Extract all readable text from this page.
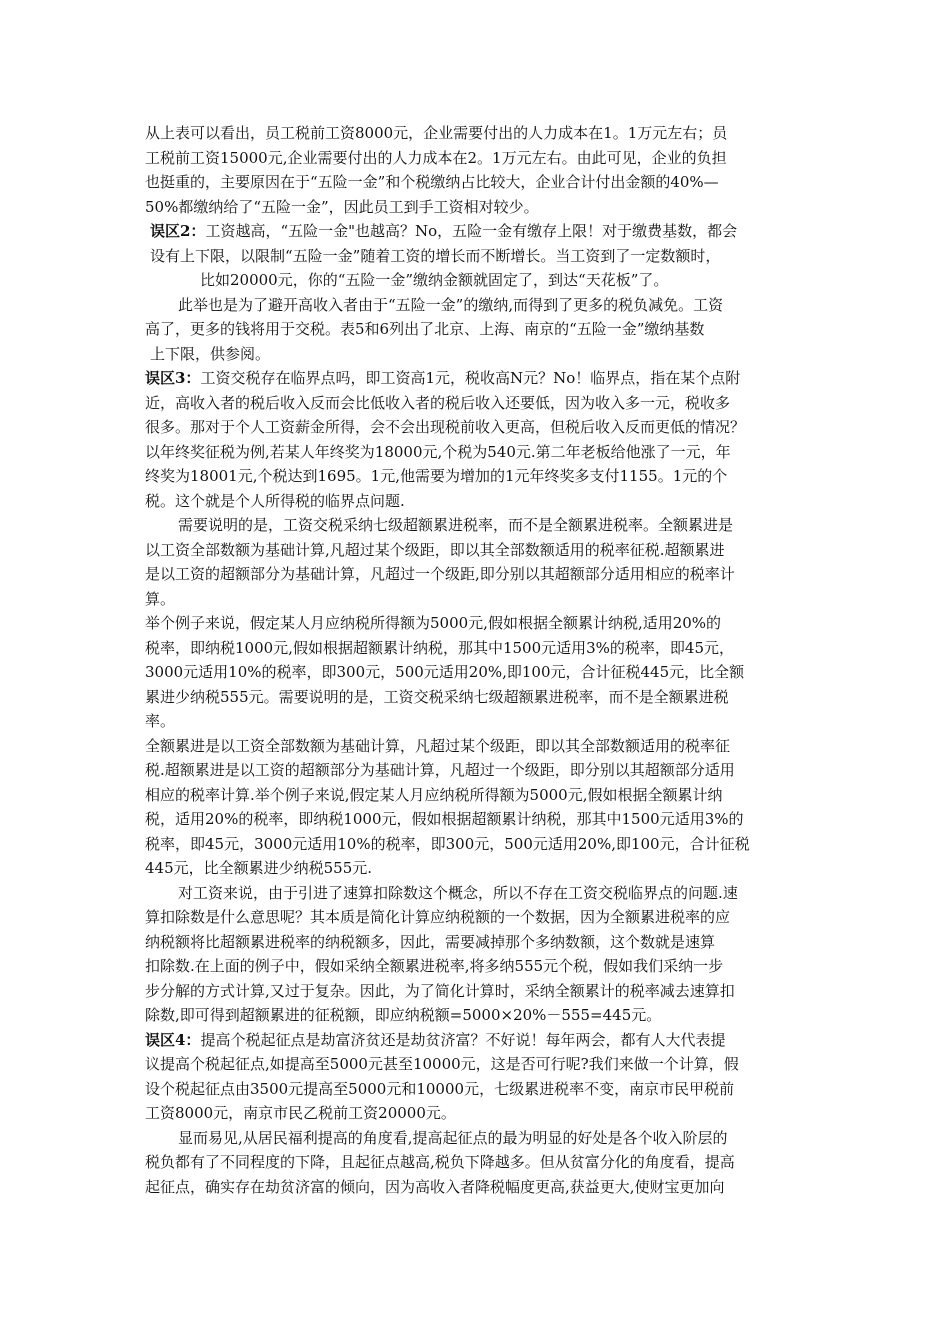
从上表可以看出，员工税前工资8000元，企业需要付出的人力成本在1。1万元左右；员
工税前工资15000元,企业需要付出的人力成本在2。1万元左右。由此可见，企业的负担
也挺重的，主要原因在于“五险一金”和个税缴纳占比较大，企业合计付出金额的40%—
50%都缴纳给了“五险一金”，因此员工到手工资相对较少。
误区2：工资越高，“五险一金"也越高？No，五险一金有缴存上限！对于缴费基数，都会
设有上下限，以限制“五险一金”随着工资的增长而不断增长。当工资到了一定数额时，
比如20000元，你的“五险一金”缴纳金额就固定了，到达“天花板”了。
此举也是为了避开高收入者由于“五险一金”的缴纳,而得到了更多的税负减免。工资
高了，更多的钱将用于交税。表5和6列出了北京、上海、南京的“五险一金”缴纳基数
上下限，供参阅。
误区3：工资交税存在临界点吗，即工资高1元，税收高N元？No！临界点，指在某个点附
近，高收入者的税后收入反而会比低收入者的税后收入还要低，因为收入多一元，税收多
很多。那对于个人工资薪金所得，会不会出现税前收入更高，但税后收入反而更低的情况？
以年终奖征税为例,若某人年终奖为18000元,个税为540元.第二年老板给他涨了一元，年
终奖为18001元,个税达到1695。1元,他需要为增加的1元年终奖多支付1155。1元的个
税。这个就是个人所得税的临界点问题.
需要说明的是，工资交税采纳七级超额累进税率，而不是全额累进税率。全额累进是
以工资全部数额为基础计算,凡超过某个级距，即以其全部数额适用的税率征税.超额累进
是以工资的超额部分为基础计算，凡超过一个级距,即分别以其超额部分适用相应的税率计
算。
举个例子来说，假定某人月应纳税所得额为5000元,假如根据全额累计纳税,适用20%的
税率，即纳税1000元,假如根据超额累计纳税，那其中1500元适用3%的税率，即45元，
3000元适用10%的税率，即300元，500元适用20%,即100元，合计征税445元，比全额
累进少纳税555元。需要说明的是，工资交税采纳七级超额累进税率，而不是全额累进税
率。
全额累进是以工资全部数额为基础计算，凡超过某个级距，即以其全部数额适用的税率征
税.超额累进是以工资的超额部分为基础计算，凡超过一个级距，即分别以其超额部分适用
相应的税率计算.举个例子来说,假定某人月应纳税所得额为5000元,假如根据全额累计纳
税，适用20%的税率，即纳税1000元，假如根据超额累计纳税，那其中1500元适用3%的
税率，即45元，3000元适用10%的税率，即300元，500元适用20%,即100元，合计征税
445元，比全额累进少纳税555元.
对工资来说，由于引进了速算扣除数这个概念，所以不存在工资交税临界点的问题.速
算扣除数是什么意思呢？其本质是简化计算应纳税额的一个数据，因为全额累进税率的应
纳税额将比超额累进税率的纳税额多，因此，需要减掉那个多纳数额，这个数就是速算
扣除数.在上面的例子中，假如采纳全额累进税率,将多纳555元个税，假如我们采纳一步
步分解的方式计算,又过于复杂。因此，为了简化计算时，采纳全额累计的税率减去速算扣
除数,即可得到超额累进的征税额，即应纳税额=5000×20%－555=445元。
误区4：提高个税起征点是劫富济贫还是劫贫济富？不好说！每年两会，都有人大代表提
议提高个税起征点,如提高至5000元甚至10000元，这是否可行呢?我们来做一个计算，假
设个税起征点由3500元提高至5000元和10000元，七级累进税率不变，南京市民甲税前
工资8000元，南京市民乙税前工资20000元。
显而易见,从居民福利提高的角度看,提高起征点的最为明显的好处是各个收入阶层的
税负都有了不同程度的下降，且起征点越高,税负下降越多。但从贫富分化的角度看，提高
起征点，确实存在劫贫济富的倾向，因为高收入者降税幅度更高,获益更大,使财宝更加向
